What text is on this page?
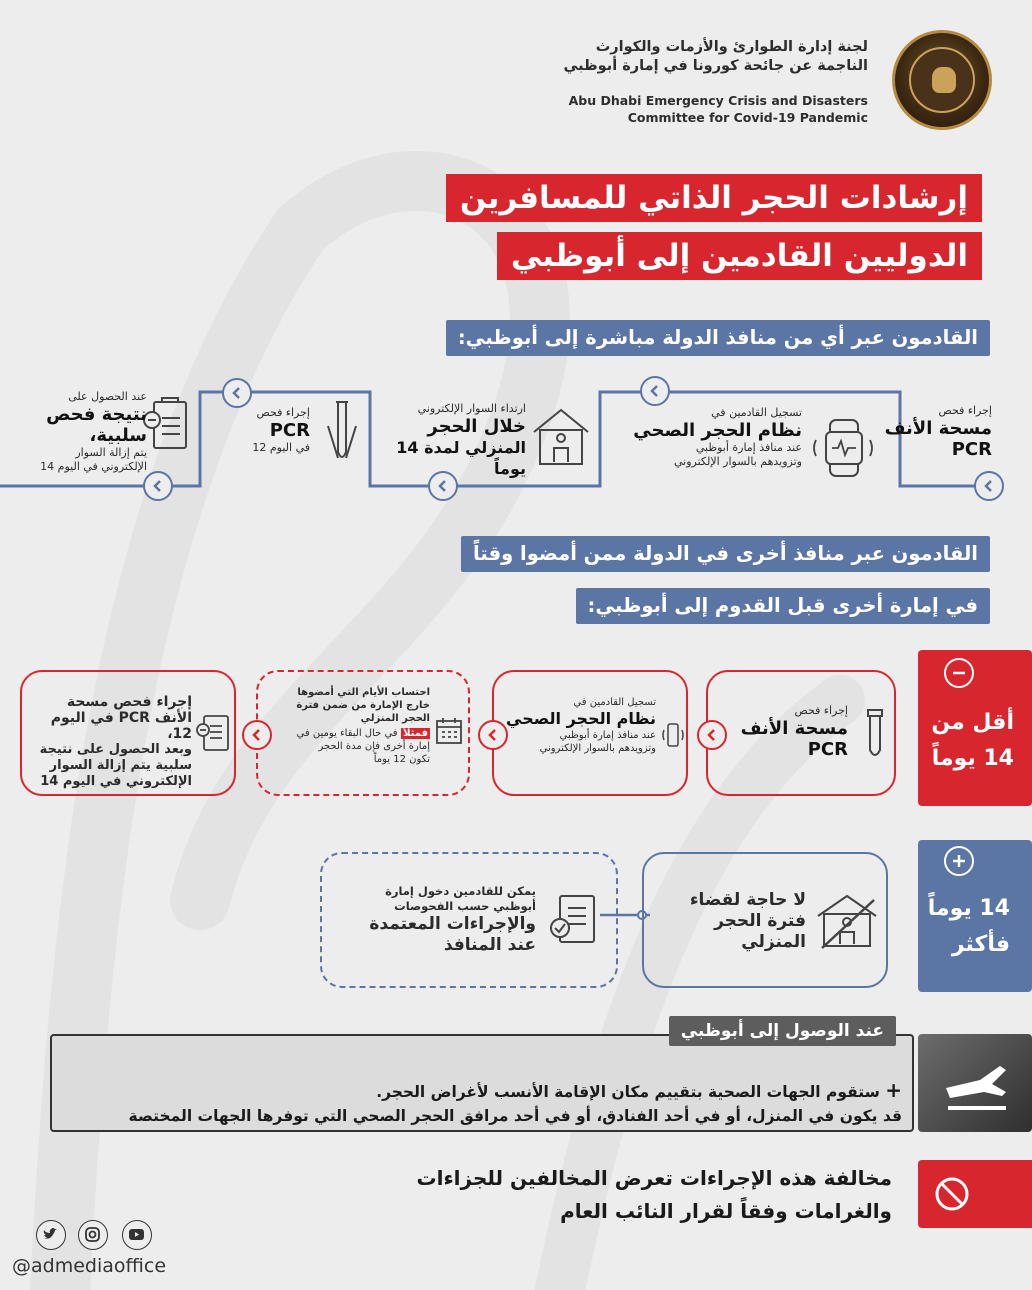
لجنة إدارة الطوارئ والأزمات والكوارث
الناجمة عن جائحة كورونا في إمارة أبوظبي
Abu Dhabi Emergency Crisis and Disasters
Committee for Covid-19 Pandemic
إرشادات الحجر الذاتي للمسافرين
الدوليين القادمين إلى أبوظبي
القادمون عبر أي من منافذ الدولة مباشرة إلى أبوظبي:
إجراء فحص
مسحة الأنف
PCR
تسجيل القادمين في
نظام الحجر الصحي
عند منافذ إمارة أبوظبي
وتزويدهم بالسوار الإلكتروني
ارتداء السوار الإلكتروني
خلال الحجر
المنزلي لمدة 14 يوماً
إجراء فحص
PCR
في اليوم 12
عند الحصول على
نتيجة فحص
سلبية،
يتم إزالة السوار
الإلكتروني في اليوم 14
القادمون عبر منافذ أخرى في الدولة ممن أمضوا وقتاً
في إمارة أخرى قبل القدوم إلى أبوظبي:
أقل من
14 يوماً
إجراء فحص
مسحة الأنف
PCR
تسجيل القادمين في
نظام الحجر الصحي
عند منافذ إمارة أبوظبي
وتزويدهم بالسوار الإلكتروني
احتساب الأيام التي أمضوها
خارج الإمارة من ضمن فترة
الحجر المنزلي
فمثلاً في حال البقاء يومين في
إمارة أخرى فإن مدة الحجر
تكون 12 يوماً
إجراء فحص مسحة
الأنف PCR في اليوم 12،
وبعد الحصول على نتيجة
سلبية يتم إزالة السوار
الإلكتروني في اليوم 14
14 يوماً
فأكثر
لا حاجة لقضاء
فترة الحجر
المنزلي
يمكن للقادمين دخول إمارة
أبوظبي حسب الفحوصات
والإجراءات المعتمدة
عند المنافذ
+ ستقوم الجهات الصحية بتقييم مكان الإقامة الأنسب لأغراض الحجر.
قد يكون في المنزل، أو في أحد الفنادق، أو في أحد مرافق الحجر الصحي التي توفرها الجهات المختصة
عند الوصول إلى أبوظبي
مخالفة هذه الإجراءات تعرض المخالفين للجزاءات
والغرامات وفقاً لقرار النائب العام
@admediaoffice
